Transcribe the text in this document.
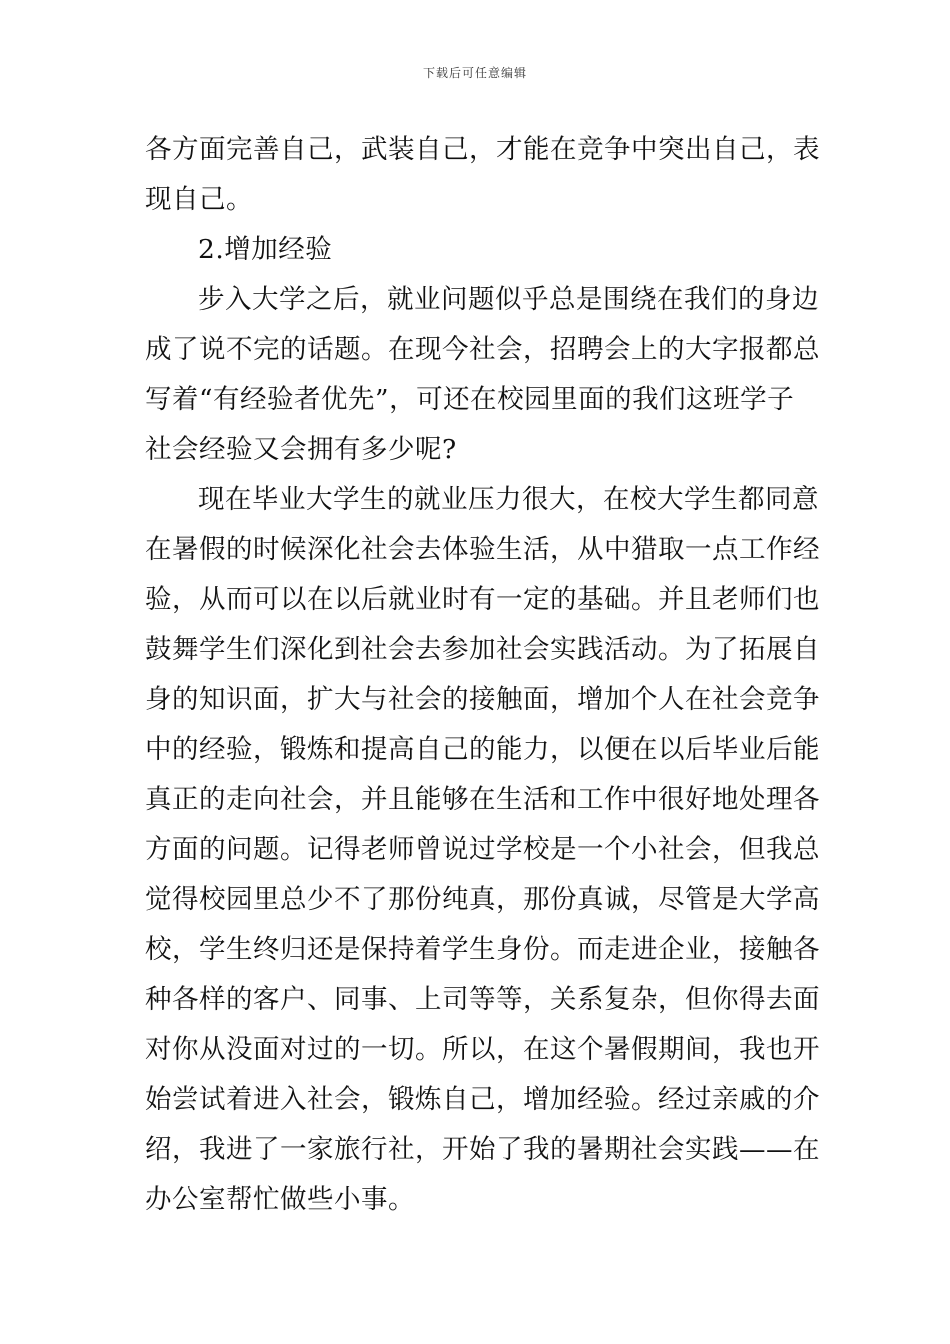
下载后可任意编辑
各方面完善自己，武装自己，才能在竞争中突出自己，表
现自己。
2.增加经验
步入大学之后，就业问题似乎总是围绕在我们的身边
成了说不完的话题。在现今社会，招聘会上的大字报都总
写着“有经验者优先”，可还在校园里面的我们这班学子
社会经验又会拥有多少呢?
现在毕业大学生的就业压力很大，在校大学生都同意
在暑假的时候深化社会去体验生活，从中猎取一点工作经
验，从而可以在以后就业时有一定的基础。并且老师们也
鼓舞学生们深化到社会去参加社会实践活动。为了拓展自
身的知识面，扩大与社会的接触面，增加个人在社会竞争
中的经验，锻炼和提高自己的能力，以便在以后毕业后能
真正的走向社会，并且能够在生活和工作中很好地处理各
方面的问题。记得老师曾说过学校是一个小社会，但我总
觉得校园里总少不了那份纯真，那份真诚，尽管是大学高
校，学生终归还是保持着学生身份。而走进企业，接触各
种各样的客户、同事、上司等等，关系复杂，但你得去面
对你从没面对过的一切。所以，在这个暑假期间，我也开
始尝试着进入社会，锻炼自己，增加经验。经过亲戚的介
绍，我进了一家旅行社，开始了我的暑期社会实践——在
办公室帮忙做些小事。
